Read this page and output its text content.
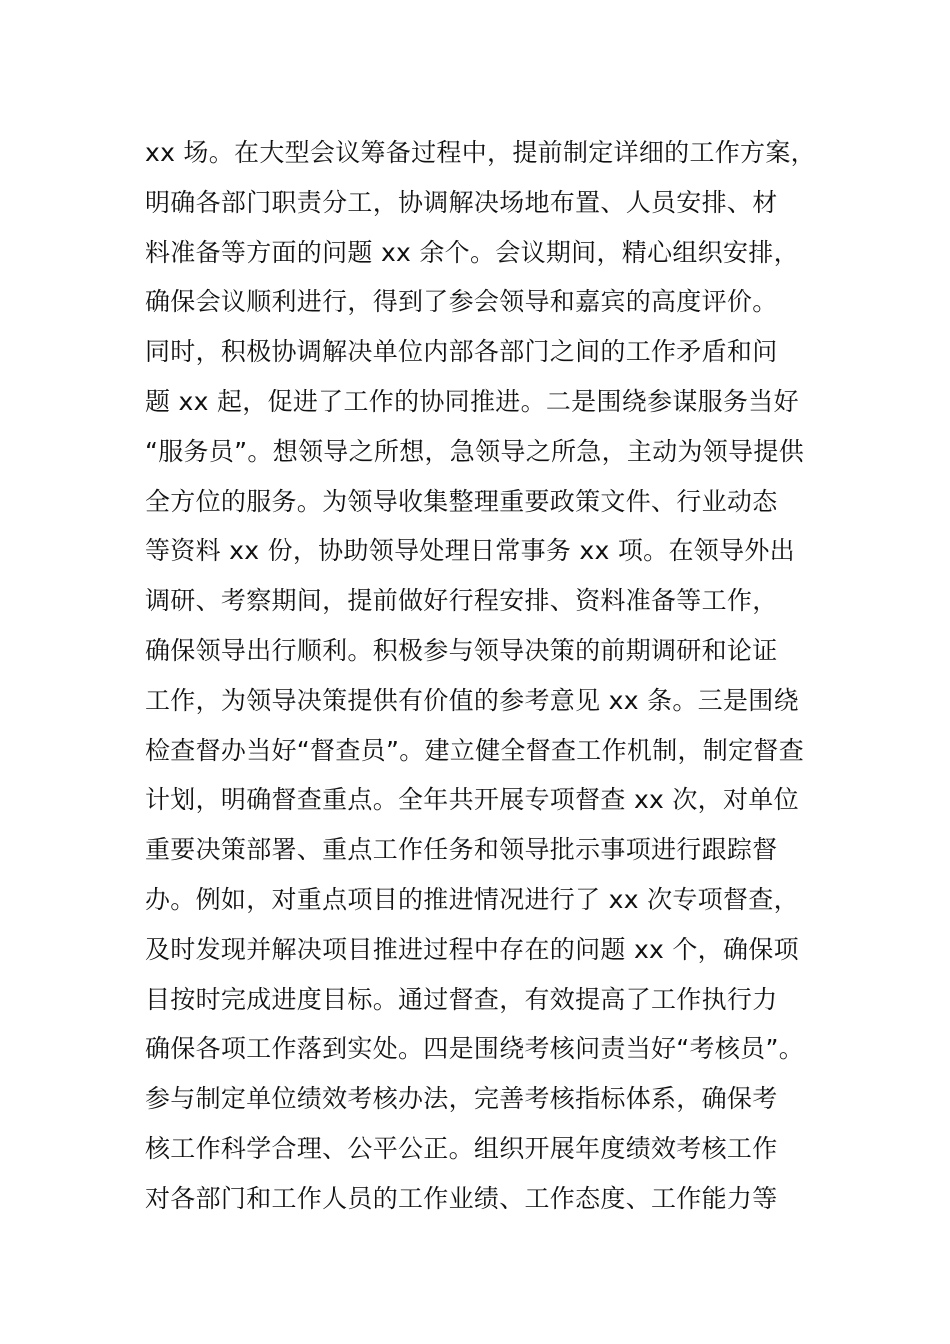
xx 场。在大型会议筹备过程中，提前制定详细的工作方案，
明确各部门职责分工，协调解决场地布置、人员安排、材
料准备等方面的问题 xx 余个。会议期间，精心组织安排，
确保会议顺利进行，得到了参会领导和嘉宾的高度评价。
同时，积极协调解决单位内部各部门之间的工作矛盾和问
题 xx 起，促进了工作的协同推进。二是围绕参谋服务当好
“服务员”。想领导之所想，急领导之所急，主动为领导提供
全方位的服务。为领导收集整理重要政策文件、行业动态
等资料 xx 份，协助领导处理日常事务 xx 项。在领导外出
调研、考察期间，提前做好行程安排、资料准备等工作，
确保领导出行顺利。积极参与领导决策的前期调研和论证
工作，为领导决策提供有价值的参考意见 xx 条。三是围绕
检查督办当好“督查员”。建立健全督查工作机制，制定督查
计划，明确督查重点。全年共开展专项督查 xx 次，对单位
重要决策部署、重点工作任务和领导批示事项进行跟踪督
办。例如，对重点项目的推进情况进行了 xx 次专项督查，
及时发现并解决项目推进过程中存在的问题 xx 个，确保项
目按时完成进度目标。通过督查，有效提高了工作执行力
确保各项工作落到实处。四是围绕考核问责当好“考核员”。
参与制定单位绩效考核办法，完善考核指标体系，确保考
核工作科学合理、公平公正。组织开展年度绩效考核工作
对各部门和工作人员的工作业绩、工作态度、工作能力等
